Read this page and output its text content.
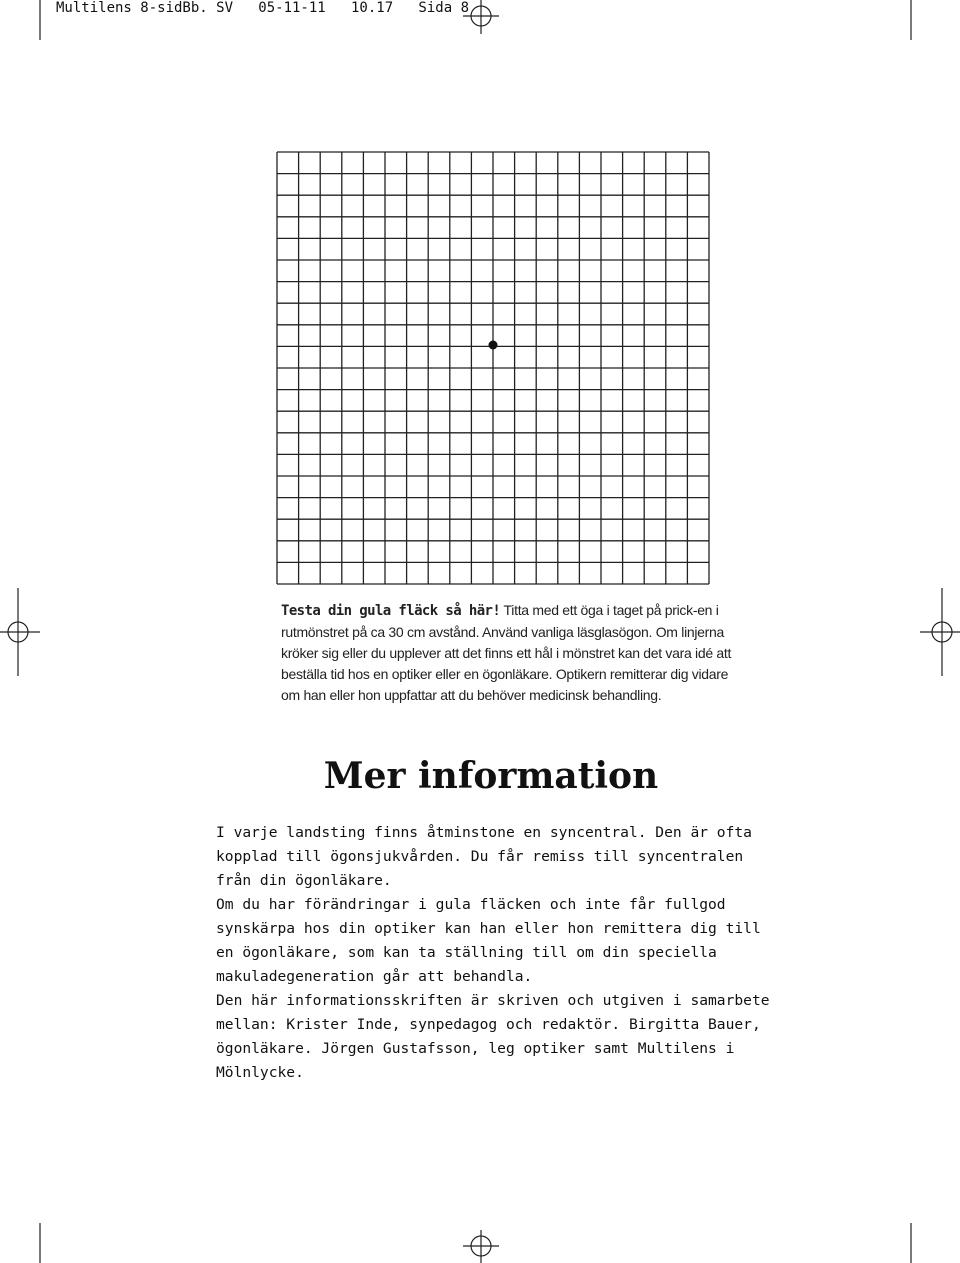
Multilens 8-sidBb. SV   05-11-11   10.17   Sida 8
Testa din gula fläck så här! Titta med ett öga i taget på prick-en i rutmönstret på ca 30 cm avstånd. Använd vanliga läsglasögon. Om linjerna kröker sig eller du upplever att det finns ett hål i mönstret kan det vara idé att beställa tid hos en optiker eller en ögonläkare. Optikern remitterar dig vidare om han eller hon uppfattar att du behöver medicinsk behandling.
Mer information

I varje landsting finns åtminstone en syncentral. Den är ofta kopplad till ögonsjukvården. Du får remiss till syncentralen från din ögonläkare.

Om du har förändringar i gula fläcken och inte får fullgod synskärpa hos din optiker kan han eller hon remittera dig till en ögonläkare, som kan ta ställning till om din speciella makuladegeneration går att behandla.

Den här informationsskriften är skriven och utgiven i samarbete mellan: Krister Inde, synpedagog och redaktör. Birgitta Bauer, ögonläkare. Jörgen Gustafsson, leg optiker samt Multilens i Mölnlycke.
